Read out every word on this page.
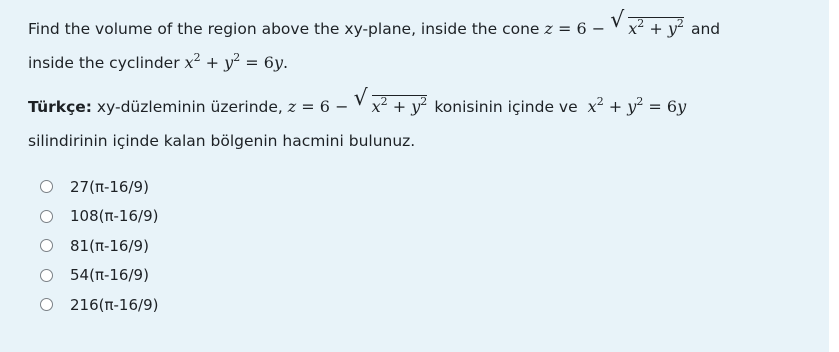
Find the volume of the region above the xy-plane, inside the cone z = 6 − √ $x^2 + y^2$ and
inside the cyclinder $x^2 + y^2 = 6y$.
Türkçe: xy-düzleminin üzerinde, z = 6 − √ $x^2 + y^2$ konisinin içinde ve $x^2 + y^2 = 6y$
silindirinin içinde kalan bölgenin hacmini bulunuz.
27(π-16/9)
108(π-16/9)
81(π-16/9)
54(π-16/9)
216(π-16/9)
